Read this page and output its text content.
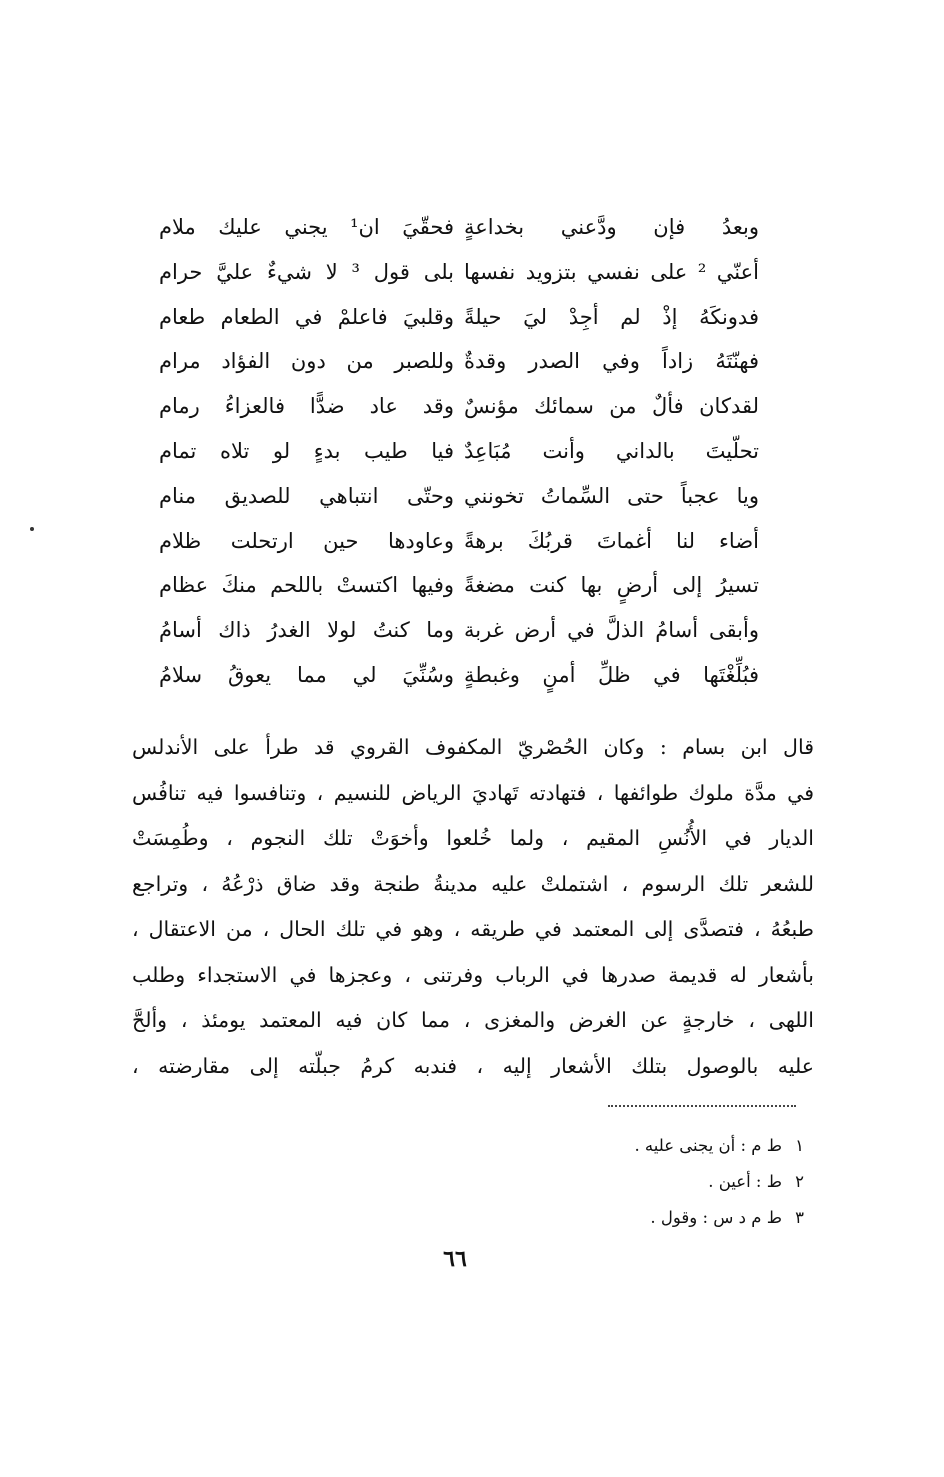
وبعدُ فإن ودَّعني بخداعةٍ
فحقّيَ ان¹ يجني عليك ملام
أعنّي ² على نفسي بتزويد نفسها
بلى قول ³ لا شيءٌ عليَّ حرام
فدونكَهُ إذْ لم أجِدْ ليَ حيلةً
وقلبيَ فاعلمْ في الطعام طعام
فهنّتَهُ زاداً وفي الصدر وقدةٌ
وللصبر من دون الفؤاد مرام
لقدكان فألٌ من سمائك مؤنسٌ
وقد عاد ضدًّا فالعزاءُ رمام
تحلّيتَ بالداني وأنت مُبَاعِدٌ
فيا طيب بدءٍ لو تلاه تمام
ويا عجباً حتى السِّماتُ تخونني
وحتّى انتباهي للصديق منام
أضاء لنا أغماتَ قربُكَ برهةً
وعاودها حين ارتحلت ظلام
تسيرُ إلى أرضٍ بها كنت مضغةً
وفيها اكتستْ باللحم منكَ عظام
وأبقى أسامُ الذلَّ في أرض غربة
وما كنتُ لولا الغدرُ ذاك أسامُ
فبُلِّغْتَها في ظلِّ أمنٍ وغبطةٍ
وسُنِّيَ لي مما يعوقُ سلامُ
قال ابن بسام : وكان الحُصْريّ المكفوف القروي قد طرأ على الأندلس
في مدَّة ملوك طوائفها ، فتهادته تَهاديَ الرياض للنسيم ، وتنافسوا فيه تنافُس
الديار في الأُنُسِ المقيم ، ولما خُلعوا وأخوَتْ تلك النجوم ، وطُمِسَتْ
للشعر تلك الرسوم ، اشتملتْ عليه مدينةُ طنجة وقد ضاق ذرْعُهُ ، وتراجع
طبعُهُ ، فتصدَّى إلى المعتمد في طريقه ، وهو في تلك الحال ، من الاعتقال ،
بأشعار له قديمة صدرها في الرباب وفرتنى ، وعجزها في الاستجداء وطلب
اللهى ، خارجةٍ عن الغرض والمغزى ، مما كان فيه المعتمد يومئذ ، وألحَّ
عليه بالوصول بتلك الأشعار إليه ، فندبه كرمُ جبلّته إلى مقارضته ،
١
ط م : أن يجنى عليه .
٢
ط : أعين .
٣
ط م د س : وقول .
٦٦
